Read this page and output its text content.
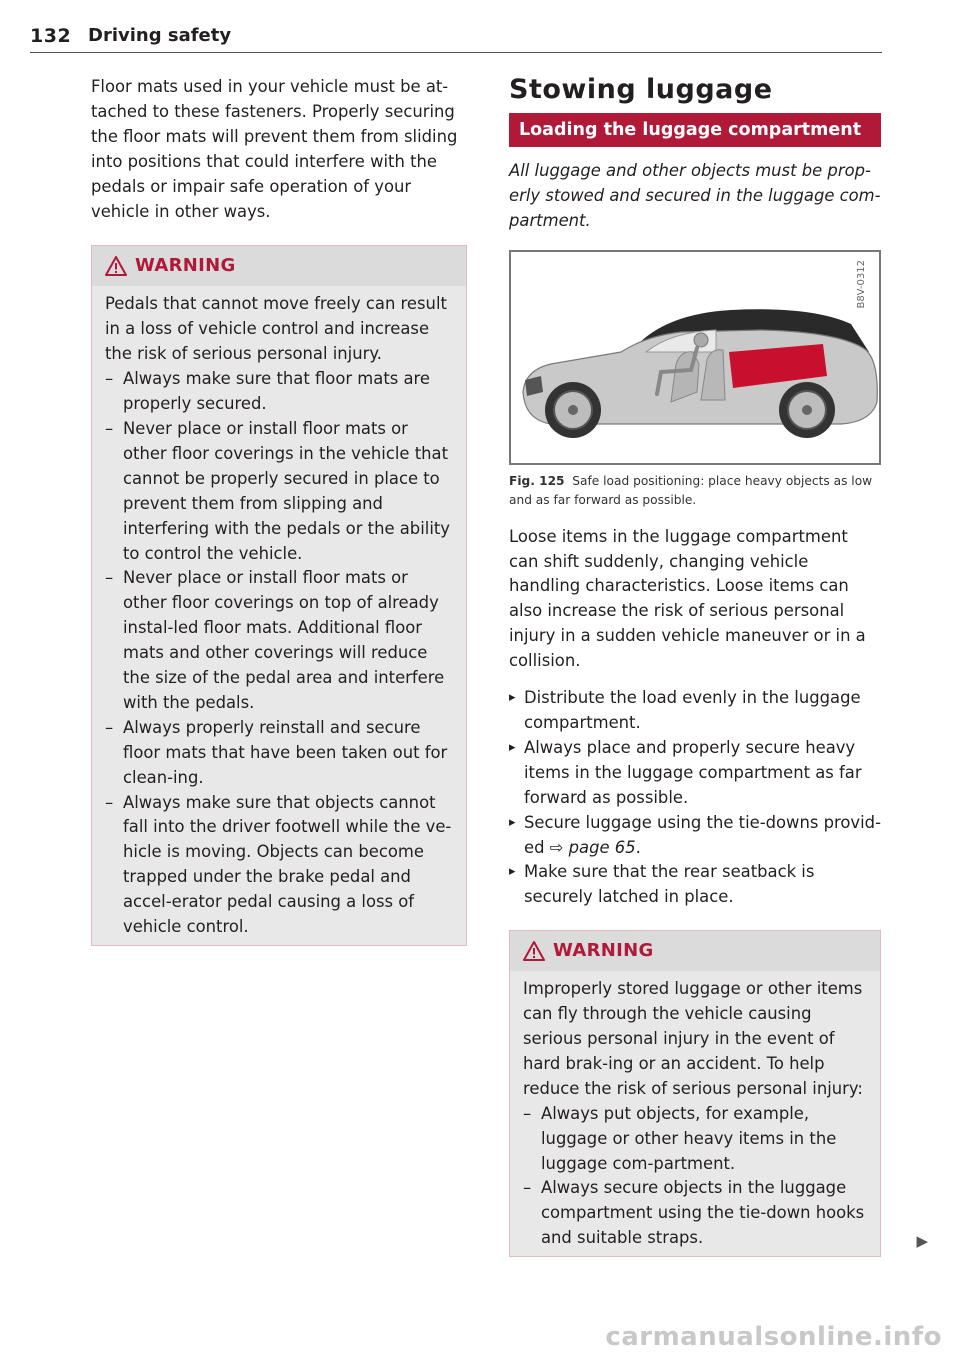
132 Driving safety

Floor mats used in your vehicle must be at-tached to these fasteners. Properly securing the floor mats will prevent them from sliding into positions that could interfere with the pedals or impair safe operation of your vehicle in other ways.

WARNING

Pedals that cannot move freely can result in a loss of vehicle control and increase the risk of serious personal injury.

– Always make sure that floor mats are properly secured.
– Never place or install floor mats or other floor coverings in the vehicle that cannot be properly secured in place to prevent them from slipping and interfering with the pedals or the ability to control the vehicle.
– Never place or install floor mats or other floor coverings on top of already instal-led floor mats. Additional floor mats and other coverings will reduce the size of the pedal area and interfere with the pedals.
– Always properly reinstall and secure floor mats that have been taken out for clean-ing.
– Always make sure that objects cannot fall into the driver footwell while the ve-hicle is moving. Objects can become trapped under the brake pedal and accel-erator pedal causing a loss of vehicle control.
Stowing luggage
Loading the luggage compartment

All luggage and other objects must be prop-erly stowed and secured in the luggage com-partment.

B8V-0312

Fig. 125 Safe load positioning: place heavy objects as low and as far forward as possible.

Loose items in the luggage compartment can shift suddenly, changing vehicle handling characteristics. Loose items can also increase the risk of serious personal injury in a sudden vehicle maneuver or in a collision.

▸ Distribute the load evenly in the luggage compartment.
▸ Always place and properly secure heavy items in the luggage compartment as far forward as possible.
▸ Secure luggage using the tie-downs provid-ed ⇨ page 65.
▸ Make sure that the rear seatback is securely latched in place.
WARNING

Improperly stored luggage or other items can fly through the vehicle causing serious personal injury in the event of hard brak-ing or an accident. To help reduce the risk of serious personal injury:

– Always put objects, for example, luggage or other heavy items in the luggage com-partment.
– Always secure objects in the luggage compartment using the tie-down hooks and suitable straps.	▶
carmanualsonline.info
